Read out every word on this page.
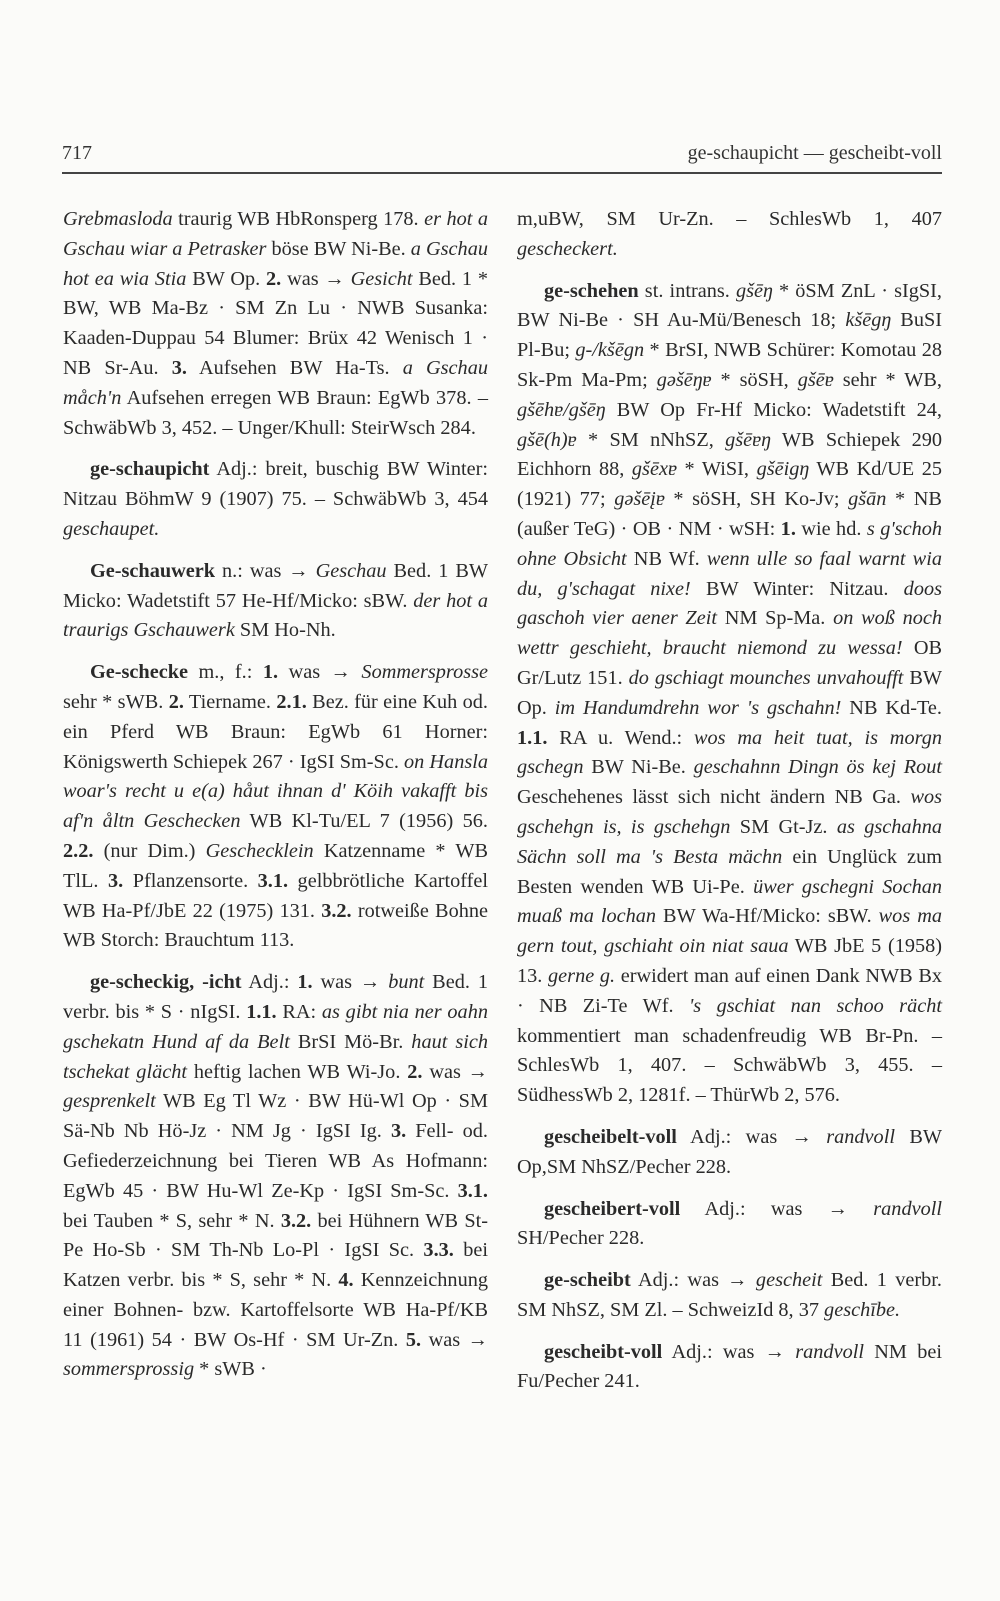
717	ge-schaupicht — gescheibt-voll

Grebmasloda traurig WB HbRonsperg 178. er hot a Gschau wiar a Petrasker böse BW Ni-Be. a Gschau hot ea wia Stia BW Op. 2. was → Gesicht Bed. 1 * BW, WB Ma-Bz · SM Zn Lu · NWB Susanka: Kaaden-Duppau 54 Blumer: Brüx 42 Wenisch 1 · NB Sr-Au. 3. Aufsehen BW Ha-Ts. a Gschau måch'n Aufsehen erregen WB Braun: EgWb 378. – SchwäbWb 3, 452. – Unger/Khull: SteirWsch 284.

ge-schaupicht Adj.: breit, buschig BW Winter: Nitzau BöhmW 9 (1907) 75. – SchwäbWb 3, 454 geschaupet.

Ge-schauwerk n.: was → Geschau Bed. 1 BW Micko: Wadetstift 57 He-Hf/Micko: sBW. der hot a traurigs Gschauwerk SM Ho-Nh.

Ge-schecke m., f.: 1. was → Sommersprosse sehr * sWB. 2. Tiername. 2.1. Bez. für eine Kuh od. ein Pferd WB Braun: EgWb 61 Horner: Königswerth Schiepek 267 · IgSI Sm-Sc. on Hansla woar's recht u e(a) håut ihnan d' Köih vakafft bis af'n åltn Geschecken WB Kl-Tu/EL 7 (1956) 56. 2.2. (nur Dim.) Geschecklein Katzenname * WB TlL. 3. Pflanzensorte. 3.1. gelbbrötliche Kartoffel WB Ha-Pf/JbE 22 (1975) 131. 3.2. rotweiße Bohne WB Storch: Brauchtum 113.

ge-scheckig, -icht Adj.: 1. was → bunt Bed. 1 verbr. bis * S · nIgSI. 1.1. RA: as gibt nia ner oahn gschekatn Hund af da Belt BrSI Mö-Br. haut sich tschekat glächt heftig lachen WB Wi-Jo. 2. was → gesprenkelt WB Eg Tl Wz · BW Hü-Wl Op · SM Sä-Nb Nb Hö-Jz · NM Jg · IgSI Ig. 3. Fell- od. Gefiederzeichnung bei Tieren WB As Hofmann: EgWb 45 · BW Hu-Wl Ze-Kp · IgSI Sm-Sc. 3.1. bei Tauben * S, sehr * N. 3.2. bei Hühnern WB St-Pe Ho-Sb · SM Th-Nb Lo-Pl · IgSI Sc. 3.3. bei Katzen verbr. bis * S, sehr * N. 4. Kennzeichnung einer Bohnen- bzw. Kartoffelsorte WB Ha-Pf/KB 11 (1961) 54 · BW Os-Hf · SM Ur-Zn. 5. was → sommersprossig * sWB ·

m,uBW, SM Ur-Zn. – SchlesWb 1, 407 gescheckert.

ge-schehen st. intrans. gšēŋ * öSM ZnL · sIgSI, BW Ni-Be · SH Au-Mü/Benesch 18; kšēgŋ BuSI Pl-Bu; g-/kšēgn * BrSI, NWB Schürer: Komotau 28 Sk-Pm Ma-Pm; gəšēŋɐ * söSH, gšēɐ sehr * WB, gšēhɐ/gšēŋ BW Op Fr-Hf Micko: Wadetstift 24, gšē(h)ɐ * SM nNhSZ, gšēɐŋ WB Schiepek 290 Eichhorn 88, gšēxɐ * WiSI, gšēigŋ WB Kd/UE 25 (1921) 77; gəšēįɐ * söSH, SH Ko-Jv; gšān * NB (außer TeG) · OB · NM · wSH: 1. wie hd. s g'schoh ohne Obsicht NB Wf. wenn ulle so faal warnt wia du, g'schagat nixe! BW Winter: Nitzau. doos gaschoh vier aener Zeit NM Sp-Ma. on woß noch wettr geschieht, braucht niemond zu wessa! OB Gr/Lutz 151. do gschiagt mounches unvahoufft BW Op. im Handumdrehn wor 's gschahn! NB Kd-Te. 1.1. RA u. Wend.: wos ma heit tuat, is morgn gschegn BW Ni-Be. geschahnn Dingn ös kej Rout Geschehenes lässt sich nicht ändern NB Ga. wos gschehgn is, is gschehgn SM Gt-Jz. as gschahna Sächn soll ma 's Besta mächn ein Unglück zum Besten wenden WB Ui-Pe. üwer gschegni Sochan muaß ma lochan BW Wa-Hf/Micko: sBW. wos ma gern tout, gschiaht oin niat saua WB JbE 5 (1958) 13. gerne g. erwidert man auf einen Dank NWB Bx · NB Zi-Te Wf. 's gschiat nan schoo rächt kommentiert man schadenfreudig WB Br-Pn. – SchlesWb 1, 407. – SchwäbWb 3, 455. – SüdhessWb 2, 1281f. – ThürWb 2, 576.

gescheibelt-voll Adj.: was → randvoll BW Op,SM NhSZ/Pecher 228.

gescheibert-voll Adj.: was → randvoll SH/Pecher 228.

ge-scheibt Adj.: was → gescheit Bed. 1 verbr. SM NhSZ, SM Zl. – SchweizId 8, 37 geschībe.

gescheibt-voll Adj.: was → randvoll NM bei Fu/Pecher 241.
